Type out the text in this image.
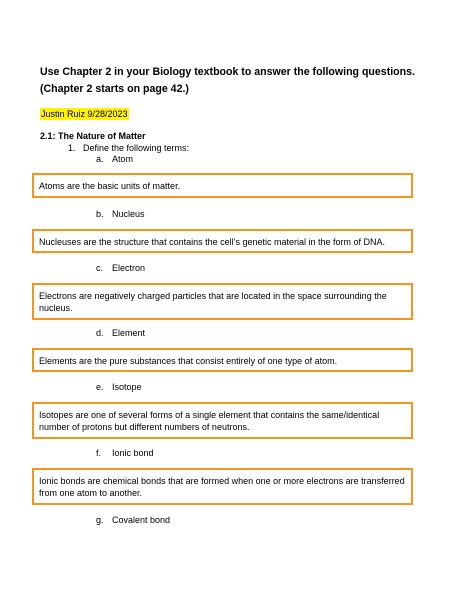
Use Chapter 2 in your Biology textbook to answer the following questions.
(Chapter 2 starts on page 42.)
Justin Ruiz 9/28/2023
2.1: The Nature of Matter
1. Define the following terms:
a. Atom
Atoms are the basic units of matter.
b. Nucleus
Nucleuses are the structure that contains the cell’s genetic material in the form of DNA.
c. Electron
Electrons are negatively charged particles that are located in the space surrounding the nucleus.
d. Element
Elements are the pure substances that consist entirely of one type of atom.
e. Isotope
Isotopes are one of several forms of a single element that contains the same/identical number of protons but different numbers of neutrons.
f. Ionic bond
Ionic bonds are chemical bonds that are formed when one or more electrons are transferred from one atom to another.
g. Covalent bond
